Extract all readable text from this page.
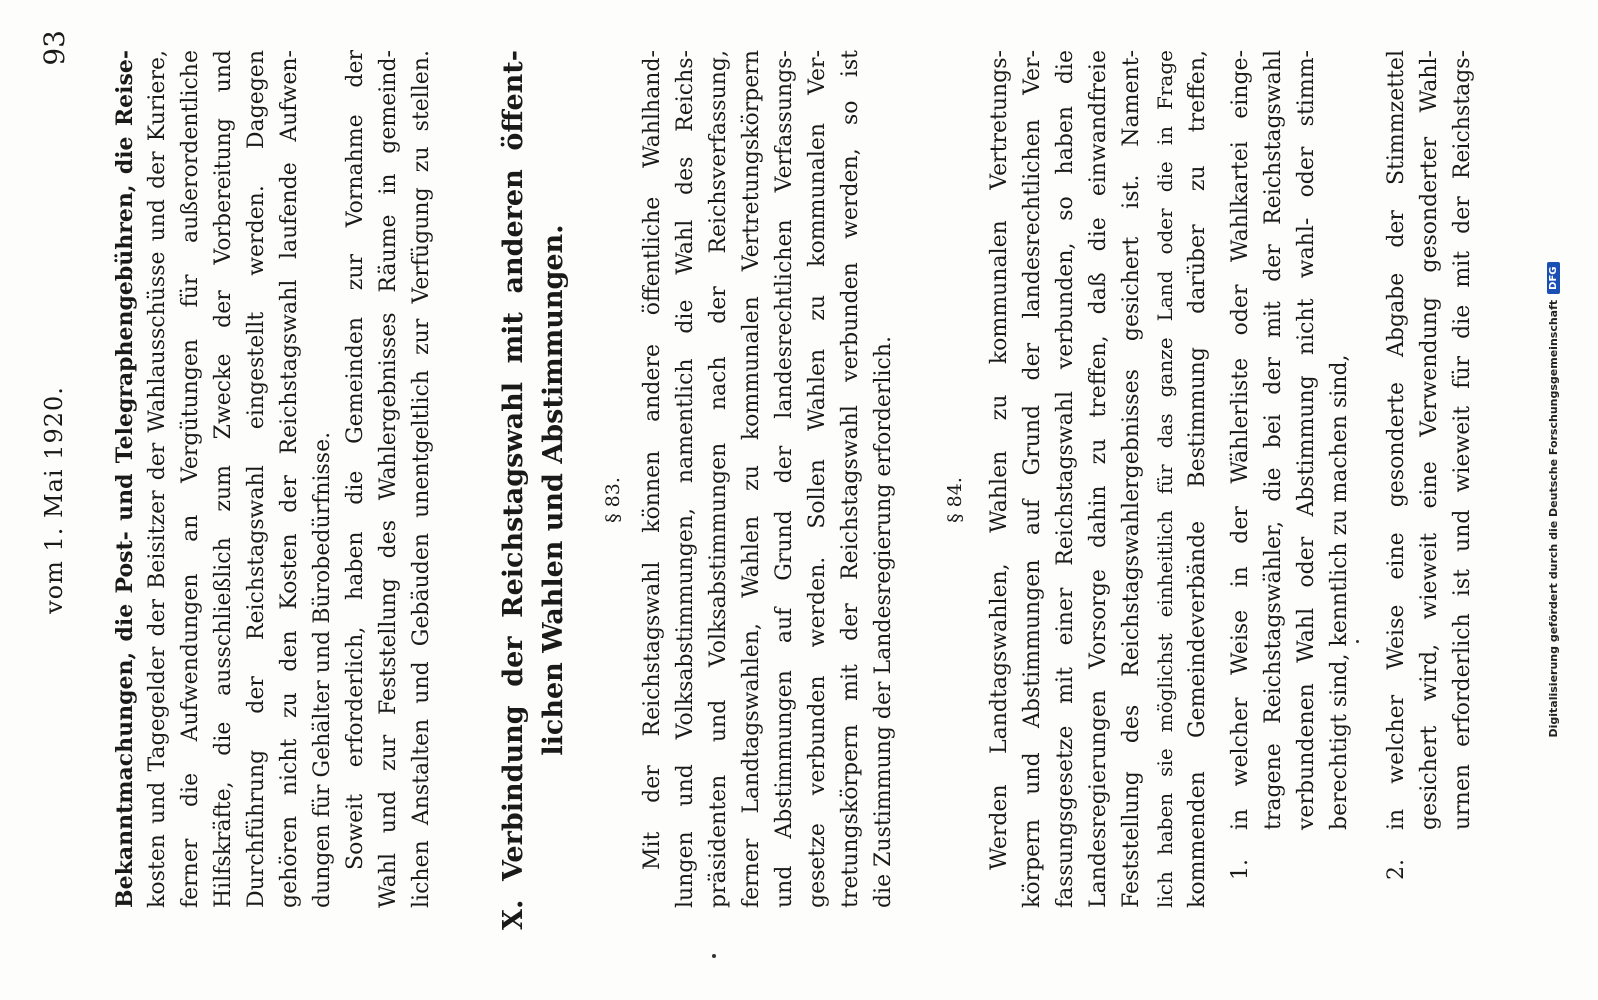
vom 1. Mai 1920.
93
Bekanntmachungen, die Post- und Telegraphengebühren, die Reise- kosten und Tagegelder der Beisitzer der Wahlausschüsse und der Kuriere, ferner die Aufwendungen an Vergütungen für außerordentliche Hilfskräfte, die ausschließlich zum Zwecke der Vorbereitung und Durchführung der Reichstagswahl eingestellt werden. Dagegen gehören nicht zu den Kosten der Reichstagswahl laufende Aufwen- dungen für Gehälter und Bürobedürfnisse. Soweit erforderlich, haben die Gemeinden zur Vornahme der Wahl und zur Feststellung des Wahlergebnisses Räume in gemeind- lichen Anstalten und Gebäuden unentgeltlich zur Verfügung zu stellen. X. Verbindung der Reichstagswahl mit anderen öffent- lichen Wahlen und Abstimmungen. § 83. Mit der Reichstagswahl können andere öffentliche Wahlhand- lungen und Volksabstimmungen, namentlich die Wahl des Reichs- präsidenten und Volksabstimmungen nach der Reichsverfassung, ferner Landtagswahlen, Wahlen zu kommunalen Vertretungskörpern und Abstimmungen auf Grund der landesrechtlichen Verfassungs- gesetze verbunden werden. Sollen Wahlen zu kommunalen Ver- tretungskörpern mit der Reichstagswahl verbunden werden, so ist die Zustimmung der Landesregierung erforderlich.	§ 84. Werden Landtagswahlen, Wahlen zu kommunalen Vertretungs- körpern und Abstimmungen auf Grund der landesrechtlichen Ver- fassungsgesetze mit einer Reichstagswahl verbunden, so haben die Landesregierungen Vorsorge dahin zu treffen, daß die einwandfreie Feststellung des Reichstagswahlergebnisses gesichert ist. Nament- lich haben sie möglichst einheitlich für das ganze Land oder die in Frage kommenden Gemeindeverbände Bestimmung darüber zu treffen, 1.
in welcher Weise in der Wählerliste oder Wahlkartei einge- tragene Reichstagswähler, die bei der mit der Reichstagswahl verbundenen Wahl oder Abstimmung nicht wahl- oder stimm- berechtigt sind, kenntlich zu machen sind,
2.
in welcher Weise eine gesonderte Abgabe der Stimmzettel gesichert wird, wieweit eine Verwendung gesonderter Wahl- urnen erforderlich ist und wieweit für die mit der Reichstags-	Digitalisierung gefördert durch die Deutsche Forschungsgemeinschaft
DFG
